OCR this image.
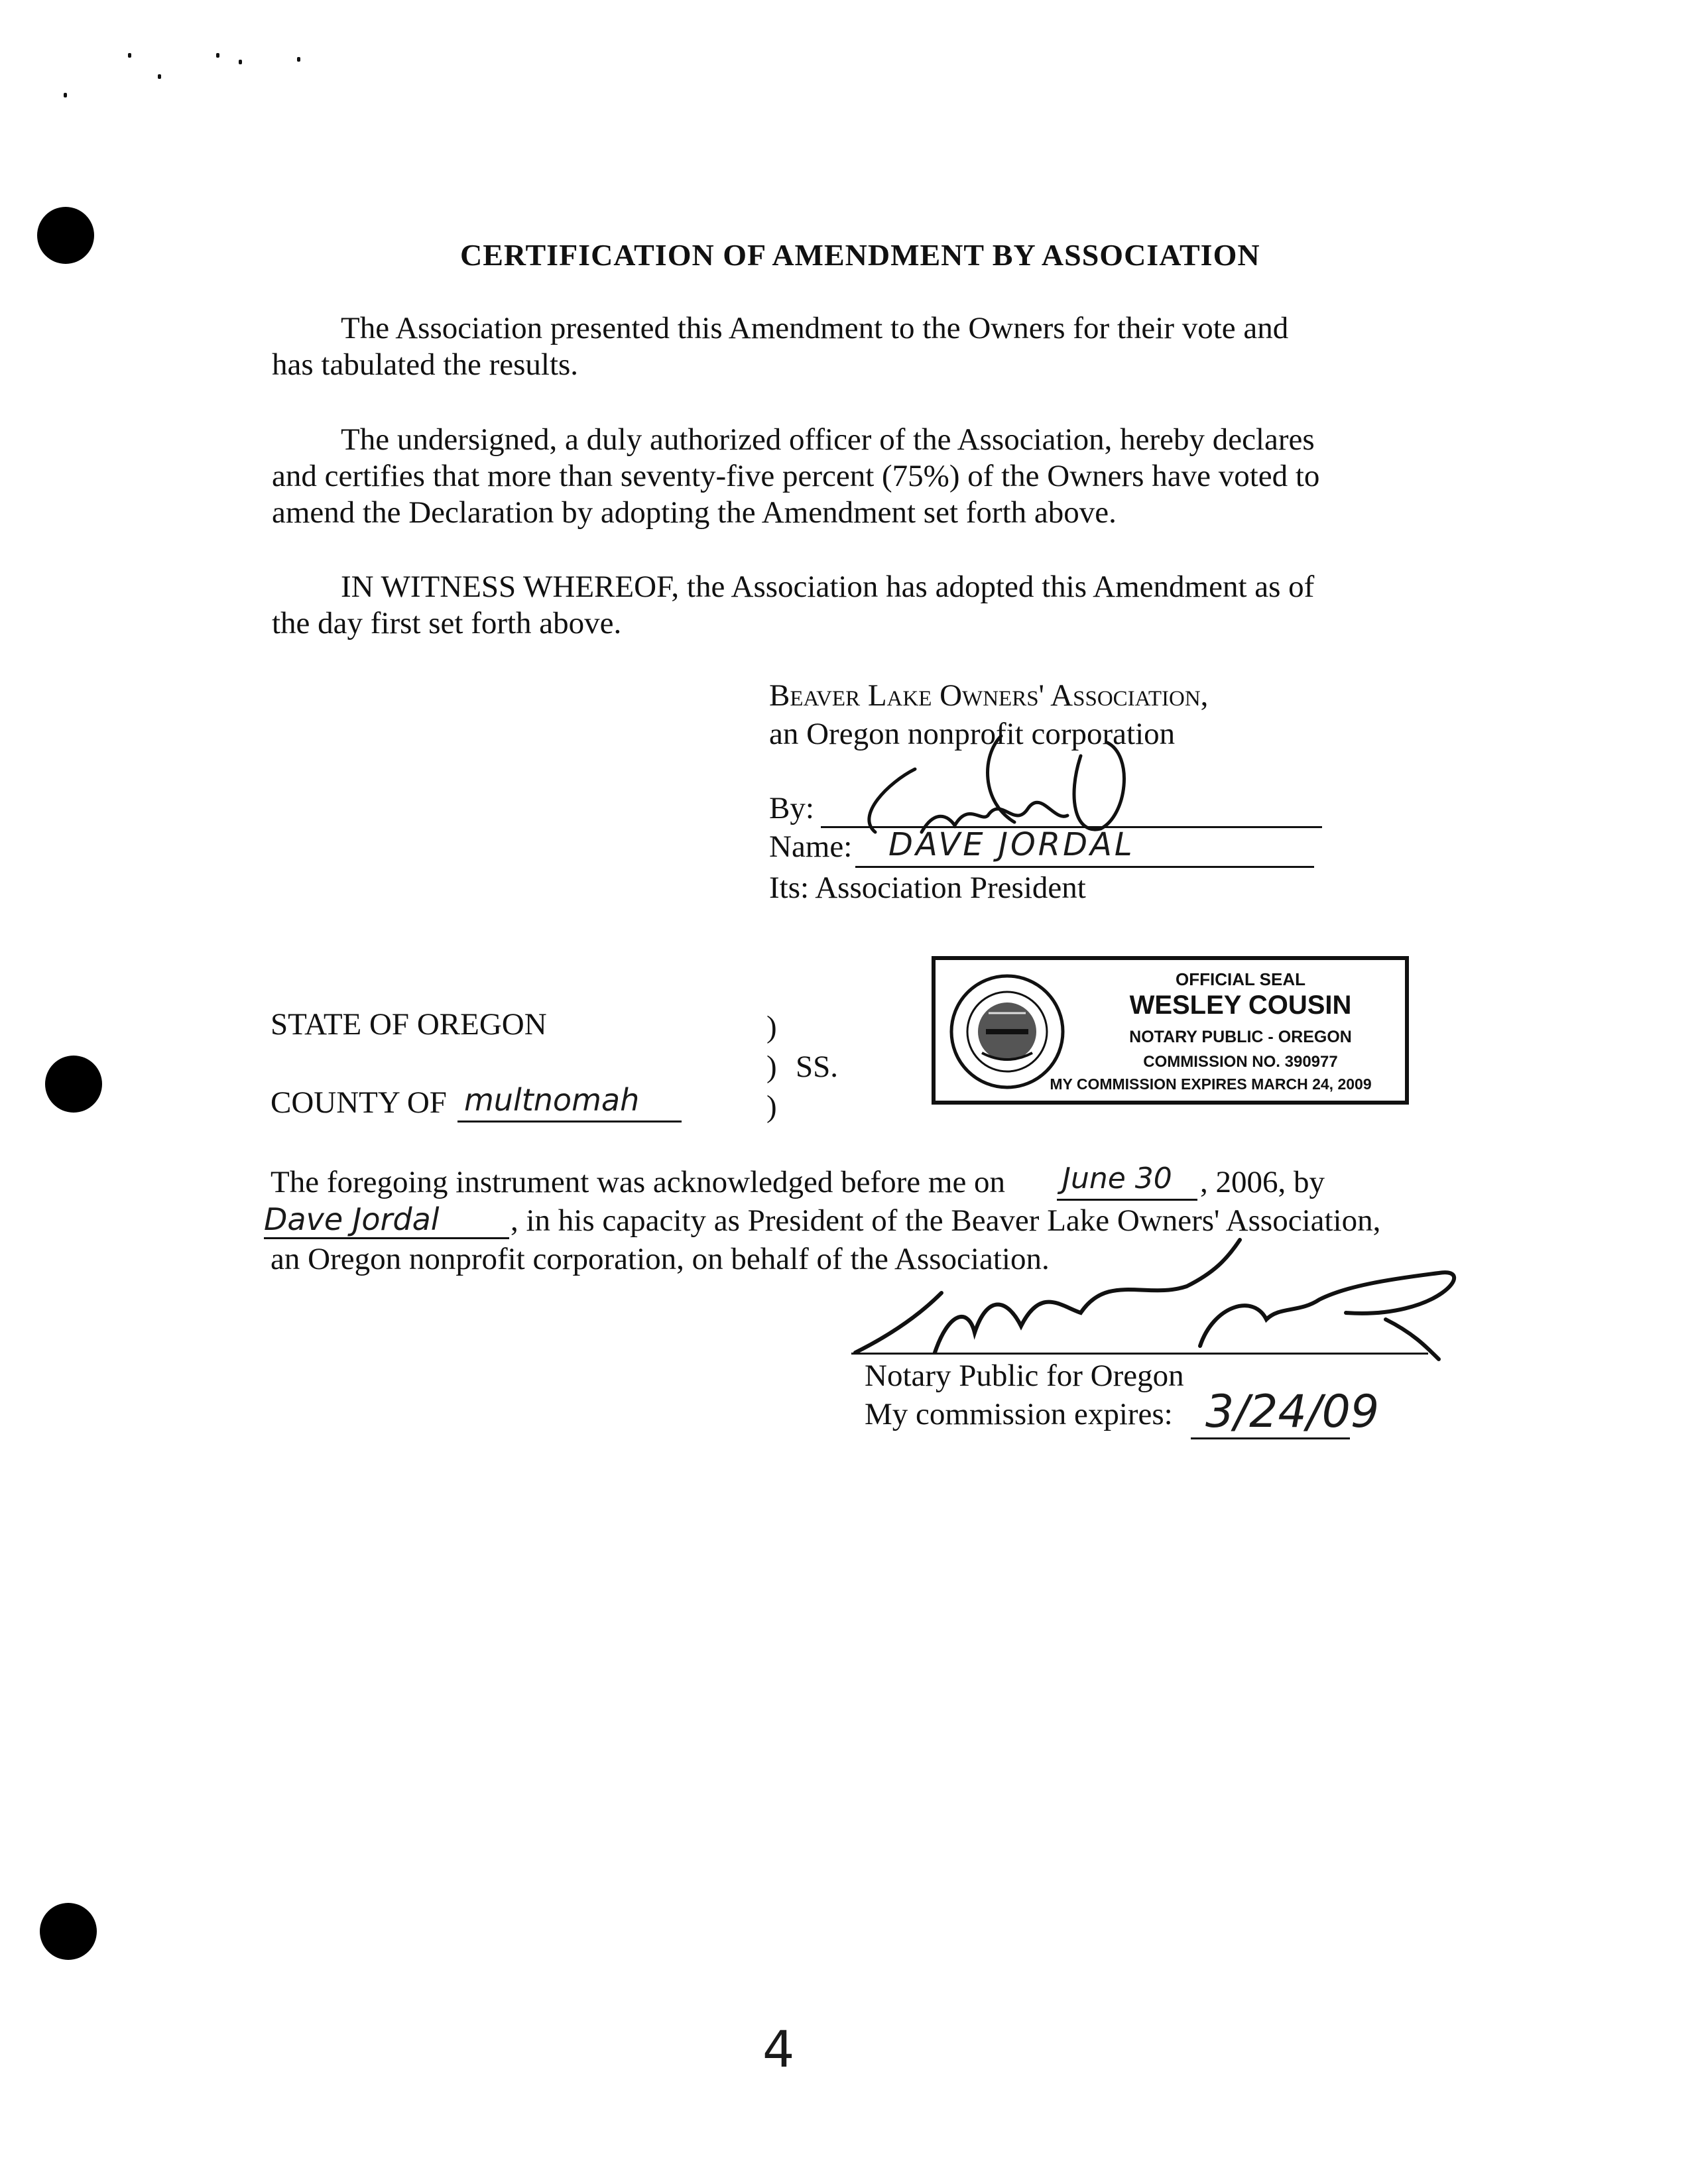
CERTIFICATION OF AMENDMENT BY ASSOCIATION
The Association presented this Amendment to the Owners for their vote and
has tabulated the results.
The undersigned, a duly authorized officer of the Association, hereby declares
and certifies that more than seventy-five percent (75%) of the Owners have voted to
amend the Declaration by adopting the Amendment set forth above.
IN WITNESS WHEREOF, the Association has adopted this Amendment as of
the day first set forth above.
Beaver Lake Owners' Association,
an Oregon nonprofit corporation
By:
Name: DAVE JORDAL
Its: Association President
STATE OF OREGON
COUNTY OF multnomah
)
) SS.
)
OFFICIAL SEAL
WESLEY COUSIN
NOTARY PUBLIC - OREGON
COMMISSION NO. 390977
MY COMMISSION EXPIRES MARCH 24, 2009
The foregoing instrument was acknowledged before me on June 30 , 2006, by
Dave Jordal , in his capacity as President of the Beaver Lake Owners' Association,
an Oregon nonprofit corporation, on behalf of the Association.
Notary Public for Oregon
My commission expires: 3/24/09
4
